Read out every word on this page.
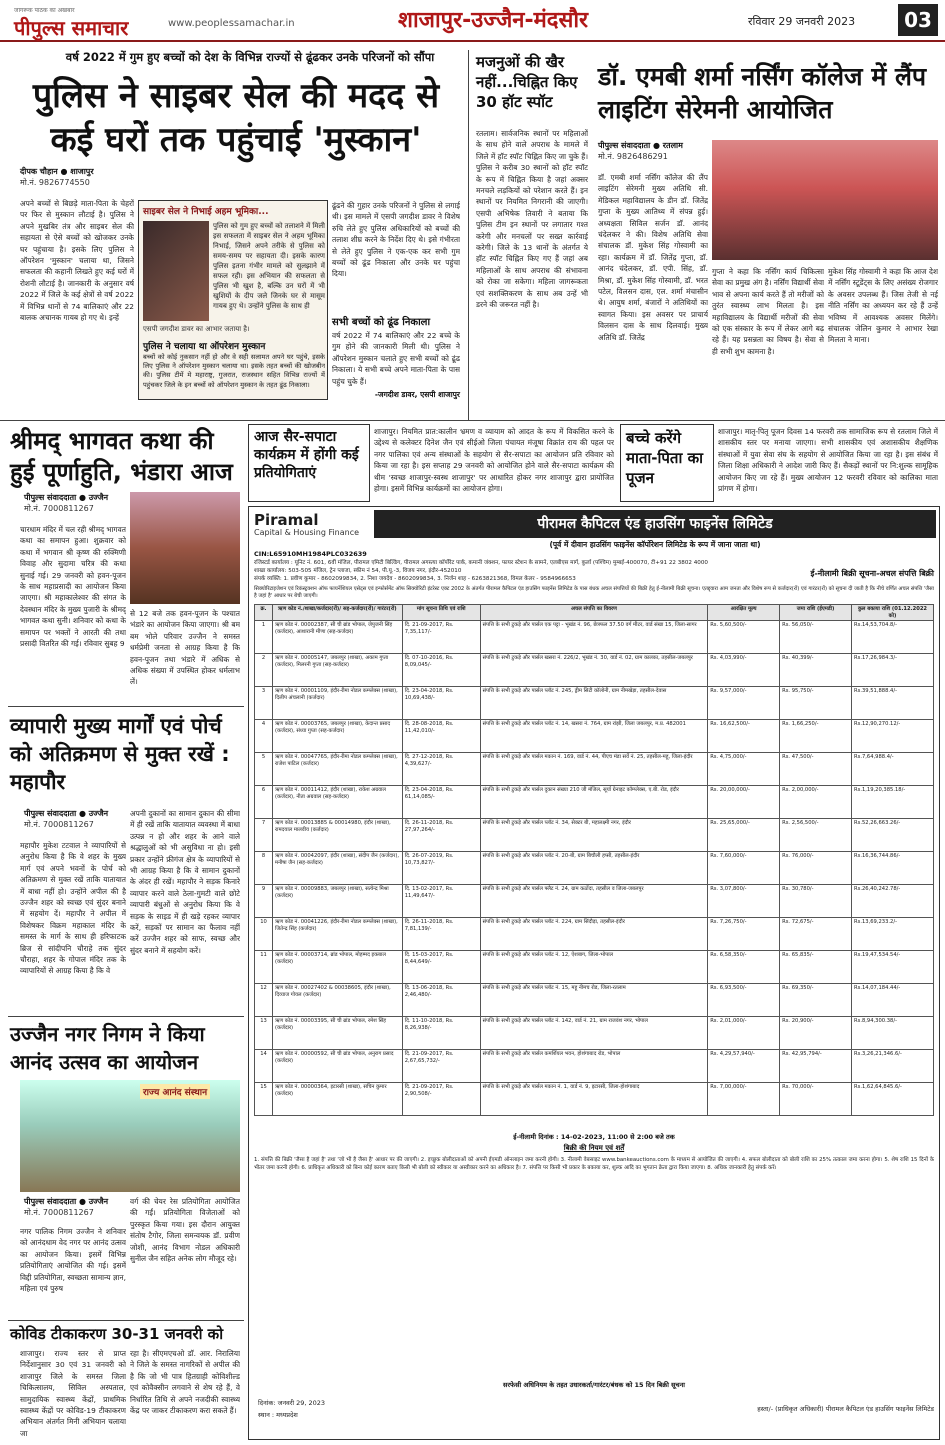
जागरूक पाठक का अखबार
पीपुल्स समाचार	www.peoplessamachar.in	शाजापुर-उज्जैन-मंदसौर	रविवार 29 जनवरी 2023	03
वर्ष 2022 में गुम हुए बच्चों को देश के विभिन्न राज्यों से ढूंढकर उनके परिजनों को सौंपा
पुलिस ने साइबर सेल की मदद से कई घरों तक पहुंचाई 'मुस्कान'
दीपक चौहान ● शाजापुर
मो.नं. 9826774550
अपने बच्चों से बिछड़े माता-पिता के चेहरों पर फिर से मुस्कान लौटाई है। पुलिस ने अपने मुखबिर तंत्र और साइबर सेल की सहायता से ऐसे बच्चों को खोजकर उनके घर पहुंचाया है। इसके लिए पुलिस ने ऑपरेशन 'मुस्कान' चलाया था, जिसने सफलता की कहानी लिखते हुए कई घरों में रोशनी लौटाई है। जानकारी के अनुसार वर्ष 2022 में जिले के कई क्षेत्रों से वर्ष 2022 में विभिन्न थानों से 74 बालिकाएं और 22 बालक अचानक गायब हो गए थे। इन्हें
साइबर सेल ने निभाई अहम भूमिका...
पुलिस को गुम हुए बच्चों को तलाशने में मिली इस सफलता में साइबर सेल ने अहम भूमिका निभाई, जिसने अपने तरीके से पुलिस को समय-समय पर सहायता दी। इसके कारण पुलिस इतना गंभीर मामले को सुलझाने में सफल रही। इस अभियान की सफलता से पुलिस भी खुश है, बल्कि उन घरों में भी खुशियों के दीप जले जिनके घर से मासूम गायब हुए थे। उन्होंने पुलिस के साथ ही
एसपी जगदीश डावर का आभार जताया है।
पुलिस ने चलाया था ऑपरेशन मुस्कान
बच्चों को कोई नुकसान नहीं हो और वे सही सलामत अपने घर पहुंचे, इसके लिए पुलिस ने ऑपरेशन मुस्कान चलाया था। इसके तहत बच्चों की खोजबीन की। पुलिस टीमें मे महाराष्ट्र, गुजरात, राजस्थान सहित विभिन्न राज्यों में पहुंचकर जिले के इन बच्चों को ऑपरेशन मुस्कान के तहत ढूंढ निकाला।
ढूंढने की गुहार उनके परिजनों ने पुलिस से लगाई थी। इस मामले में एसपी जगदीश डावर ने विशेष रुचि लेते हुए पुलिस अधिकारियों को बच्चों की तलाश शीघ्र करने के निर्देश दिए थे। इसे गंभीरता से लेते हुए पुलिस ने एक-एक कर सभी गुम बच्चों को ढूंढ निकाला और उनके घर पहुंचा दिया।
सभी बच्चों को ढूंढ निकाला
वर्ष 2022 में 74 बालिकाएं और 22 बच्चे के गुम होने की जानकारी मिली थी। पुलिस ने ऑपरेशन मुस्कान चलाते हुए सभी बच्चों को ढूंढ निकाला। ये सभी बच्चे अपने माता-पिता के पास पहुंच चुके हैं।
-जगदीश डावर, एसपी शाजापुर
मजनुओं की खैर नहीं...चिह्नित किए 30 हॉट स्पॉट
रतलाम। सार्वजनिक स्थानों पर महिलाओं के साथ होने वाले अपराध के मामले में जिले में हॉट स्पॉट चिह्नित किए जा चुके हैं। पुलिस ने करीब 30 स्थानों को हॉट स्पॉट के रूप में चिह्नित किया है जहां अक्सर मनचले लड़कियों को परेशान करते हैं। इन स्थानों पर नियमित निगरानी की जाएगी। एसपी अभिषेक तिवारी ने बताया कि पुलिस टीम इन स्थानों पर लगातार गश्त करेगी और मनचलों पर सख्त कार्रवाई करेगी। जिले के 13 थानों के अंतर्गत ये हॉट स्पॉट चिह्नित किए गए हैं जहां अब महिलाओं के साथ अपराध की संभावना को रोका जा सकेगा। महिला जागरूकता एवं सशक्तिकरण के साथ अब उन्हें भी डरने की जरूरत नहीं है।
डॉ. एमबी शर्मा नर्सिंग कॉलेज में लैंप लाइटिंग सेरेमनी आयोजित
पीपुल्स संवाददाता ● रतलाम
मो.नं. 9826486291
डॉ. एमबी शर्मा नर्सिंग कॉलेज की लैंप लाइटिंग सेरेमनी मुख्य अतिथि सी. मेडिकल महाविद्यालय के डीन डॉ. जितेंद्र गुप्ता के मुख्य आतिथ्य में संपन्न हुई। अध्यक्षता सिविल सर्जन डॉ. आनंद चंदेलकर ने की। विशेष अतिथि सेवा संचालक डॉ. मुकेश सिंह गोस्वामी का रहा। कार्यक्रम में डॉ. जितेंद्र गुप्ता, डॉ. आनंद चंदेलकर, डॉ. एपी. सिंह, डॉ. मिश्रा, डॉ. मुकेश सिंह गोस्वामी, डॉ. भरत पटेल, विलसन दास, एल. शर्मा मंचासीन थे। आयुष शर्मा, बंजारों ने अतिथियों का स्वागत किया। इस अवसर पर प्राचार्य विलसन दास के साथ दिलवाई। मुख्य अतिथि डॉ. जितेंद्र
गुप्ता ने कहा कि नर्सिंग कार्य चिकित्सा सेवा का प्रमुख अंग है। नर्सिंग विद्यार्थी सेवा भाव से अपना कार्य करते हैं तो मरीजों को तुरंत स्वास्थ्य लाभ मिलता है। इस महाविद्यालय के विद्यार्थी मरीजों की सेवा को एक संस्कार के रूप में लेकर आगे बढ़ रहे हैं। यह प्रसन्नता का विषय है। सेवा से ही सभी शुभ कामना है।
मुकेश सिंह गोस्वामी ने कहा कि आज देश में नर्सिंग स्टूडेंट्स के लिए असंख्य रोजगार के अवसर उपलब्ध हैं। जिस तेजी से नई नीति नर्सिंग का अध्ययन कर रहे हैं उन्हें भविष्य में आवश्यक अवसर मिलेंगे। संचालक जेलिन कुमार ने आभार रेखा मिलता ने माना।
श्रीमद् भागवत कथा की हुई पूर्णाहुति, भंडारा आज
पीपुल्स संवाददाता ● उज्जैन
मो.नं. 7000811267
चारधाम मंदिर में चल रही श्रीमद् भागवत कथा का समापन हुआ। शुक्रवार को कथा में भगवान श्री कृष्ण की रुक्मिणी विवाह और सुदामा चरित्र की कथा सुनाई गई। 29 जनवरी को हवन-पूजन के साथ महाप्रसादी का आयोजन किया जाएगा। श्री महाकालेश्वर की संगत के देवस्थान मंदिर के मुख्य पुजारी के श्रीमद् भागवत कथा सुनी। शनिवार को कथा के समापन पर भक्तों ने आरती की तथा प्रसादी वितरित की गई। रविवार सुबह 9
से 12 बजे तक हवन-पूजन के पश्चात भंडारे का आयोजन किया जाएगा। श्री बम बम भोले परिवार उज्जैन ने समस्त धर्मप्रेमी जनता से आग्रह किया है कि हवन-पूजन तथा भंडारे में अधिक से अधिक संख्या में उपस्थित होकर धर्मलाभ लें।
आज सैर-सपाटा कार्यक्रम में होंगी कई प्रतियोगिताएं
शाजापुर। नियमित प्रात:कालीन भ्रमण व व्यायाम को आदत के रूप में विकसित करने के उद्देश्य से कलेक्टर दिनेश जैन एवं सीईओ जिला पंचायत मंजूषा विक्रांत राय की पहल पर नगर पालिका एवं अन्य संस्थाओं के सहयोग से सैर-सपाटा का आयोजन प्रति रविवार को किया जा रहा है। इस सप्ताह 29 जनवरी को आयोजित होने वाले सैर-सपाटा कार्यक्रम की थीम 'स्वच्छ शाजापुर-स्वस्थ शाजापुर' पर आधारित होकर नगर शाजापुर द्वारा प्रायोजित होगा। इसमें विभिन्न कार्यक्रमों का आयोजन होगा।
बच्चे करेंगे माता-पिता का पूजन
शाजापुर। मातृ-पितृ पूजन दिवस 14 फरवरी तक सामाजिक रूप से रतलाम जिले में शासकीय स्तर पर मनाया जाएगा। सभी शासकीय एवं अशासकीय शैक्षणिक संस्थाओं में युवा सेवा संघ के सहयोग से आयोजित किया जा रहा है। इस संबंध में जिला शिक्षा अधिकारी ने आदेश जारी किए हैं। सैकड़ों स्थानों पर नि:शुल्क सामूहिक आयोजन किए जा रहे हैं। मुख्य आयोजन 12 फरवरी रविवार को कालिका माता प्रांगण में होगा।
व्यापारी मुख्य मार्गों एवं पोर्च को अतिक्रमण से मुक्त रखें : महापौर
पीपुल्स संवाददाता ● उज्जैन
मो.नं. 7000811267
महापौर मुकेश टटवाल ने व्यापारियों से अनुरोध किया है कि वे शहर के मुख्य मार्ग एवं अपने भवनों के पोर्च को अतिक्रमण से मुक्त रखें ताकि यातायात में बाधा नहीं हो। उन्होंने अपील की है उज्जैन शहर को स्वच्छ एवं सुंदर बनाने में सहयोग दें। महापौर ने अपील में विशेषकर विक्रम महाकाल मंदिर के समस्त के मार्ग के साथ ही हरिफाटक ब्रिज से सांदीपनि चौराहे तक सुंदर चौराहा, शहर के गोपाल मंदिर तक के व्यापारियों से आग्रह किया है कि वे
अपनी दुकानों का सामान दुकान की सीमा में ही रखें ताकि यातायात व्यवस्था में बाधा उत्पन्न न हो और शहर के आने वाले श्रद्धालुओं को भी असुविधा ना हो। इसी प्रकार उन्होंने फ्रीगंज क्षेत्र के व्यापारियों से भी आग्रह किया है कि वे सामान दुकानों के अंदर ही रखें। महापौर ने सड़क किनारे व्यापार करने वाले ठेला-गुमटी वाले छोटे व्यापारी बंधुओं से अनुरोध किया कि वे सड़क के साइड में ही खड़े रहकर व्यापार करें, सड़कों पर सामान का फैलाव नहीं करें उज्जैन शहर को साफ, स्वच्छ और सुंदर बनाने में सहयोग करें।
उज्जैन नगर निगम ने किया आनंद उत्सव का आयोजन
राज्य आनंद संस्थान
पीपुल्स संवाददाता ● उज्जैन
मो.नं. 7000811267
नगर पालिक निगम उज्जैन ने शनिवार को आनंदधाम वेद नगर पर आनंद उत्सव का आयोजन किया। इसमें विभिन्न प्रतियोगिताएं आयोजित की गई। इसमें विद्दी प्रतियोगिता, स्वच्छता सामान्य ज्ञान, महिला एवं पुरुष
वर्ग की चेयर रेस प्रतियोगिता आयोजित की गईं। प्रतियोगिता विजेताओं को पुरस्कृत किया गया। इस दौरान आयुक्त संतोष टैगोर, जिला समन्वयक डॉ. प्रवीण जोशी, आनंद विभाग नोडल अधिकारी सुनील जैन सहित अनेक लोग मौजूद रहे।
कोविड टीकाकरण 30-31 जनवरी को
शाजापुर। राज्य स्तर से प्राप्त निर्देशानुसार 30 एवं 31 जनवरी को शाजापुर जिले के समस्त जिला चिकित्सालय, सिविल अस्पताल, सामुदायिक स्वास्थ्य केंद्रों, प्राथमिक स्वास्थ्य केंद्रों पर कोविड-19 टीकाकरण अभियान अंतर्गत मिनी अभियान चलाया जा
रहा है। सीएमएचओ डॉ. आर. निरालिया ने जिले के समस्त नागरिकों से अपील की है कि जो भी पात्र हितग्राही कोविशील्ड एवं कोवैक्सीन लगवाने से शेष रहे हैं, वे निर्धारित तिथि से अपने नजदीकी स्वास्थ्य केंद्र पर जाकर टीकाकरण करा सकते हैं।
Piramal
Capital & Housing Finance
पीरामल कैपिटल एंड हाउसिंग फाइनेंस लिमिटेड
(पूर्व में दीवान हाउसिंग फाइनेंस कॉर्पोरेशन लिमिटेड के रूप में जाना जाता था)
CIN:L65910MH1984PLC032639
रजिस्टर्ड कार्यालय : यूनिट नं. 601, 6वीं मंजिल, पीरामल एमिटी बिल्डिंग, पीरामल अगस्त्या कॉर्पोरेट पार्क, कमानी जंक्शन, फायर स्टेशन के सामने, एलबीएस मार्ग, कुर्ला (पश्चिम) मुम्बई-400070, टी+91 22 3802 4000
शाखा कार्यालय: 503-505 मंजिल, ट्रेन प्लाजा, स्कीम नं 54, पी.यू.-3, विजय नगर, इंदौर-452010
संपर्क व्यक्ति: 1. प्रवीण कुमार - 8602099834, 2. निशा जयदेव - 8602099834, 3. निर्जन शाह - 6263821368, विमल केलर - 9584966653
ई-नीलामी बिक्री सूचना-अचल संपत्ति बिक्री
सिक्योरिटाइजेशन एवं रिकंस्ट्रक्शन ऑफ फायनेंशियल एसेट्स एवं इन्फोर्समेंट ऑफ सिक्योरिटी इंटरेस्ट एक्ट 2002 के अंतर्गत पीरामल कैपिटल एंड हाउसिंग फाइनेंस लिमिटेड के पास बंधक अचल संपत्तियों की बिक्री हेतु ई-नीलामी बिक्री सूचना। एतद्द्वारा आम जनता और विशेष रूप से कर्जदार(रों) एवं गारंटर(रों) को सूचना दी जाती है कि नीचे वर्णित अचल संपत्ति 'जैसा है जहां है' आधार पर बेची जाएगी।
क्र.	ऋण कोड नं./शाखा/कर्जदार(रों)/ सह-कर्जदार(रों)/ गारंटर(रों)	मांग सूचना तिथि एवं राशि	अचल संपत्ति का विवरण	आरक्षित मूल्य	जमा राशि (ईएमडी)	कुल बकाया राशि (01.12.2022 को)
1	ऋण कोड नं. 00002387, सी ची ब्रांड भोपाल, जेपुजनी सिंह (कर्जदार), आशारानी मीणा (सह-कर्जदार)	दि. 21-09-2017, Rs. 7,35,117/-	संपत्ति के सभी टुकड़े और पार्सल एक पट्टा - भूखंड नं. 96, छेत्रफल 37.50 वर्ग मीटर, वार्ड संखा 15, जिला-सागर	Rs. 5,60,500/-	Rs. 56,050/-	Rs.14,53,704.8/-
2	ऋण कोड नं. 00005147, जबलपुर (शाखा), अकाम गुप्ता (कर्जदार), मिलरनी गुप्ता (सह-कर्जदार)	दि. 07-10-2016, Rs. 8,09,045/-	संपत्ति के सभी टुकड़े और पार्सल खसरा नं. 226/2, भूखंड नं. 30, वार्ड नं. 02, ग्राम कालका, तहसील-जबलपुर	Rs. 4,03,990/-	Rs. 40,399/-	Rs.17,26,984.3/-
3	ऋण कोड नं. 00001109, इंदौर-रीमा नोडल कम्प्लेक्स (शाखा), दिलीप अंचलानी (कर्जदार)	दि. 23-04-2018, Rs. 10,69,438/-	संपत्ति के सभी टुकड़े और पार्सल प्लॉट नं. 245, ड्रीम सिटी कॉलोनी, ग्राम नीमखेड़ा, तहसील-देवास	Rs. 9,57,000/-	Rs. 95,750/-	Rs.39,51,888.4/-
4	ऋण कोड नं. 00003765, जबलपुर (शाखा), केदान्त प्रसाद (कर्जदार), संध्या गुप्ता (सह-कर्जदार)	दि. 28-08-2018, Rs. 11,42,010/-	संपत्ति के सभी टुकड़े और पार्सल प्लॉट नं. 14, खसरा नं. 764, ग्राम रांझी, जिला जबलपुर, म.प्र. 482001	Rs. 16,62,500/-	Rs. 1,66,250/-	Rs.12,90,270.12/-
5	ऋण कोड नं. 00047765, इंदौर-रीमा नोडल कम्प्लेक्स (शाखा), राजेश पाटिल (कर्जदार)	दि. 27-12-2018, Rs. 4,39,627/-	संपत्ति के सभी टुकड़े और पार्सल मकान नं. 169, वार्ड नं. 44, पीएच मंडा सर्वे नं. 25, तहसील-महू, जिला-इंदौर	Rs. 4,75,000/-	Rs. 47,500/-	Rs.7,64,988.4/-
6	ऋण कोड नं. 00011412, इंदौर (शाखा), राकेश अग्रवाल (कर्जदार), नीता अग्रवाल (सह-कर्जदार)	दि. 23-04-2018, Rs. 61,14,085/-	संपत्ति के सभी टुकड़े और पार्सल दुकान संख्या 210 जी मंजिल, सूर्या ग्रेनाइट कॉम्प्लेक्स, ए.बी. रोड, इंदौर	Rs. 20,00,000/-	Rs. 2,00,000/-	Rs.1,19,20,385.18/-
7	ऋण कोड नं. 00013885 & 00014980, इंदौर (शाखा), रामदयाल मालवीय (कर्जदार)	दि. 26-11-2018, Rs. 27,97,264/-	संपत्ति के सभी टुकड़े और पार्सल प्लॉट नं. 34, सेक्टर बी, महालक्ष्मी नगर, इंदौर	Rs. 25,65,000/-	Rs. 2,56,500/-	Rs.52,26,663.26/-
8	ऋण कोड नं. 00042097, इंदौर (शाखा), संदीप जैन (कर्जदार), मनीषा जैन (सह-कर्जदार)	दि. 26-07-2019, Rs. 10,73,827/-	संपत्ति के सभी टुकड़े और पार्सल प्लॉट नं. 20-बी, ग्राम बिचौली हप्सी, तहसील-इंदौर	Rs. 7,60,000/-	Rs. 76,000/-	Rs.16,36,744.86/-
9	ऋण कोड नं. 00009883, जबलपुर (शाखा), सत्येन्द्र मिश्रा (कर्जदार)	दि. 13-02-2017, Rs. 11,49,647/-	संपत्ति के सभी टुकड़े और पार्सल फ्लैट नं. 24, ग्राम कठोंदा, तहसील व जिला-जबलपुर	Rs. 3,07,800/-	Rs. 30,780/-	Rs.26,40,242.78/-
10	ऋण कोड नं. 00041226, इंदौर-रीमा नोडल कम्प्लेक्स (शाखा), जितेन्द्र सिंह (कर्जदार)	दि. 26-11-2018, Rs. 7,81,139/-	संपत्ति के सभी टुकड़े और पार्सल प्लॉट नं. 224, ग्राम सिंदौड़ा, तहसील-इंदौर	Rs. 7,26,750/-	Rs. 72,675/-	Rs.13,69,233.2/-
11	ऋण कोड नं. 00003714, ब्रांड भोपाल, मोहम्मद इकबाल (कर्जदार)	दि. 15-03-2017, Rs. 8,44,649/-	संपत्ति के सभी टुकड़े और पार्सल प्लॉट नं. 12, ऐशबाग, जिला-भोपाल	Rs. 6,58,350/-	Rs. 65,835/-	Rs.19,47,534.54/-
12	ऋण कोड नं. 00027402 & 00038605, इंदौर (शाखा), दिव्याज गोयल (कर्जदार)	दि. 13-06-2018, Rs. 2,46,480/-	संपत्ति के सभी टुकड़े और पार्सल प्लॉट नं. 15, महू नीमच रोड, जिला-रतलाम	Rs. 6,93,500/-	Rs. 69,350/-	Rs.14,07,184.44/-
13	ऋण कोड नं. 00003395, सी ची ब्रांड भोपाल, रमेश सिंह (कर्जदार)	दि. 11-10-2018, Rs. 8,26,938/-	संपत्ति के सभी टुकड़े और पार्सल प्लॉट नं. 142, वार्ड नं. 21, ग्राम राजवंश नगर, भोपाल	Rs. 2,01,000/-	Rs. 20,900/-	Rs.8,94,300.38/-
14	ऋण कोड नं. 00000592, सी ची ब्रांड भोपाल, अनुराग प्रसाद (कर्जदार)	दि. 21-09-2017, Rs. 2,67,65,732/-	संपत्ति के सभी टुकड़े और पार्सल कमर्शियल भवन, होशंगाबाद रोड, भोपाल	Rs. 4,29,57,940/-	Rs. 42,95,794/-	Rs.3,26,21,346.6/-
15	ऋण कोड नं. 00000364, इटारसी (शाखा), सचिन कुमार (कर्जदार)	दि. 21-09-2017, Rs. 2,90,508/-	संपत्ति के सभी टुकड़े और पार्सल मकान नं. 1, वार्ड नं. 9, इटारसी, जिला-होशंगाबाद	Rs. 7,00,000/-	Rs. 70,000/-	Rs.1,62,64,845.6/-
ई-नीलामी दिनांक : 14-02-2023, 11:00 से 2:00 बजे तक
बिक्री की नियम एवं शर्तें
1. संपत्ति की बिक्री 'जैसा है जहां है' तथा 'जो भी है जैसा है' आधार पर की जाएगी। 2. इच्छुक बोलीदाताओं को अपनी ईएमडी ऑनलाइन जमा करनी होगी। 3. नीलामी वेबसाइट www.bankeauctions.com के माध्यम से आयोजित की जाएगी। 4. सफल बोलीदाता को बोली राशि का 25% तत्काल जमा करना होगा। 5. शेष राशि 15 दिनों के भीतर जमा करनी होगी। 6. प्राधिकृत अधिकारी को बिना कोई कारण बताए किसी भी बोली को स्वीकार या अस्वीकार करने का अधिकार है। 7. संपत्ति पर किसी भी प्रकार के बकाया कर, शुल्क आदि का भुगतान क्रेता द्वारा किया जाएगा। 8. अधिक जानकारी हेतु संपर्क करें।
सरफेसी अधिनियम के तहत उधारकर्ता/गारंटर/बंधक को 15 दिन बिक्री सूचना
दिनांक: जनवरी 29, 2023
स्थान : मध्यप्रदेश
हस्ता/- (प्राधिकृत अधिकारी) पीरामल कैपिटल एंड हाउसिंग फाइनेंस लिमिटेड
